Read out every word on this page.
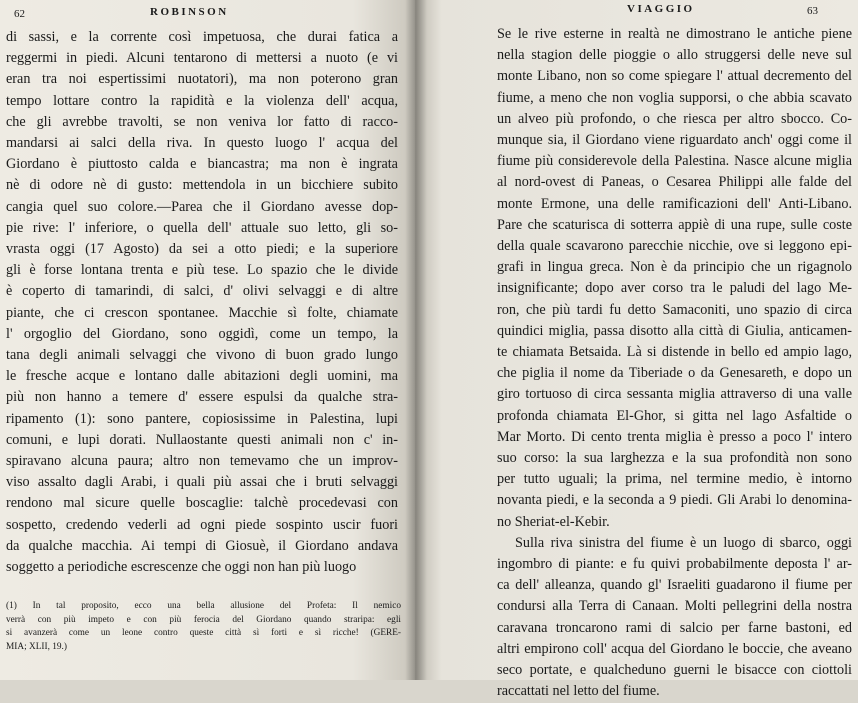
62	ROBINSON
di sassi, e la corrente così impetuosa, che durai fatica a
reggermi in piedi. Alcuni tentarono di mettersi a nuoto (e vi
eran tra noi espertissimi nuotatori), ma non poterono gran
tempo lottare contro la rapidità e la violenza dell' acqua,
che gli avrebbe travolti, se non veniva lor fatto di racco-
mandarsi ai salci della riva. In questo luogo l' acqua del
Giordano è piuttosto calda e biancastra; ma non è ingrata
nè di odore nè di gusto: mettendola in un bicchiere subito
cangia quel suo colore.—Parea che il Giordano avesse dop-
pie rive: l' inferiore, o quella dell' attuale suo letto, gli so-
vrasta oggi (17 Agosto) da sei a otto piedi; e la superiore
gli è forse lontana trenta e più tese. Lo spazio che le divide
è coperto di tamarindi, di salci, d' olivi selvaggi e di altre
piante, che ci crescon spontanee. Macchie sì folte, chiamate
l' orgoglio del Giordano, sono oggidì, come un tempo, la
tana degli animali selvaggi che vivono di buon grado lungo
le fresche acque e lontano dalle abitazioni degli uomini, ma
più non hanno a temere d' essere espulsi da qualche stra-
ripamento (1): sono pantere, copiosissime in Palestina, lupi
comuni, e lupi dorati. Nullaostante questi animali non c' in-
spiravano alcuna paura; altro non temevamo che un improv-
viso assalto dagli Arabi, i quali più assai che i bruti selvaggi
rendono mal sicure quelle boscaglie: talchè procedevasi con
sospetto, credendo vederli ad ogni piede sospinto uscir fuori
da qualche macchia. Ai tempi di Giosuè, il Giordano andava
soggetto a periodiche escrescenze che oggi non han più luogo
(1) In tal proposito, ecco una bella allusione del Profeta: Il nemico
verrà con più impeto e con più ferocia del Giordano quando straripa: egli
si avanzerà come un leone contro queste città sì forti e sì ricche! (GERE-
MIA; XLII, 19.)
VIAGGIO	63
Se le rive esterne in realtà ne dimostrano le antiche piene
nella stagion delle pioggie o allo struggersi delle neve sul
monte Libano, non so come spiegare l' attual decremento del
fiume, a meno che non voglia supporsi, o che abbia scavato
un alveo più profondo, o che riesca per altro sbocco. Co-
munque sia, il Giordano viene riguardato anch' oggi come il
fiume più considerevole della Palestina. Nasce alcune miglia
al nord-ovest di Paneas, o Cesarea Philippi alle falde del
monte Ermone, una delle ramificazioni dell' Anti-Libano.
Pare che scaturisca di sotterra appiè di una rupe, sulle coste
della quale scavarono parecchie nicchie, ove si leggono epi-
grafi in lingua greca. Non è da principio che un rigagnolo
insignificante; dopo aver corso tra le paludi del lago Me-
ron, che più tardi fu detto Samaconiti, uno spazio di circa
quindici miglia, passa disotto alla città di Giulia, anticamen-
te chiamata Betsaida. Là si distende in bello ed ampio lago,
che piglia il nome da Tiberiade o da Genesareth, e dopo un
giro tortuoso di circa sessanta miglia attraverso di una valle
profonda chiamata El-Ghor, si gitta nel lago Asfaltide o
Mar Morto. Di cento trenta miglia è presso a poco l' intero
suo corso: la sua larghezza e la sua profondità non sono
per tutto uguali; la prima, nel termine medio, è intorno
novanta piedi, e la seconda a 9 piedi. Gli Arabi lo denomina-
no Sheriat-el-Kebir.
Sulla riva sinistra del fiume è un luogo di sbarco, oggi
ingombro di piante: e fu quivi probabilmente deposta l' ar-
ca dell' alleanza, quando gl' Israeliti guadarono il fiume per
condursi alla Terra di Canaan. Molti pellegrini della nostra
caravana troncarono rami di salcio per farne bastoni, ed
altri empirono coll' acqua del Giordano le boccie, che aveano
seco portate, e qualcheduno guerni le bisacce con ciottoli
raccattati nel letto del fiume.
